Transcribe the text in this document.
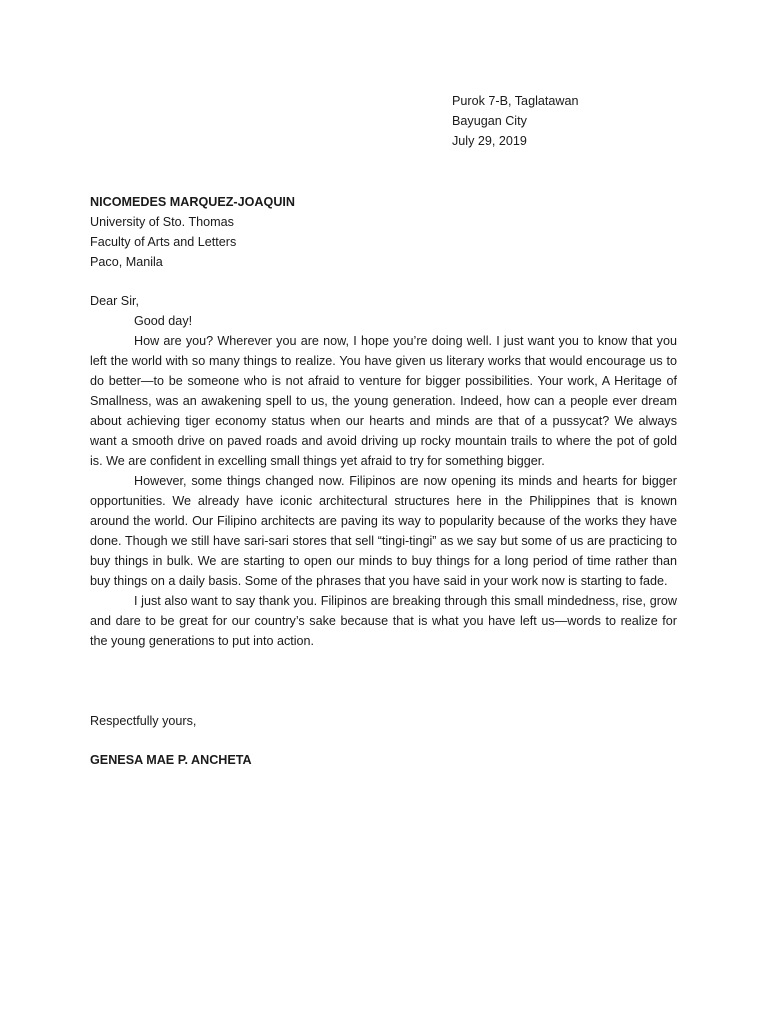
Purok 7-B, Taglatawan
Bayugan City
July 29, 2019
NICOMEDES MARQUEZ-JOAQUIN
University of Sto. Thomas
Faculty of Arts and Letters
Paco, Manila
Dear Sir,

Good day!

How are you? Wherever you are now, I hope you’re doing well. I just want you to know that you left the world with so many things to realize. You have given us literary works that would encourage us to do better—to be someone who is not afraid to venture for bigger possibilities. Your work, A Heritage of Smallness, was an awakening spell to us, the young generation. Indeed, how can a people ever dream about achieving tiger economy status when our hearts and minds are that of a pussycat? We always want a smooth drive on paved roads and avoid driving up rocky mountain trails to where the pot of gold is. We are confident in excelling small things yet afraid to try for something bigger.

However, some things changed now. Filipinos are now opening its minds and hearts for bigger opportunities. We already have iconic architectural structures here in the Philippines that is known around the world. Our Filipino architects are paving its way to popularity because of the works they have done. Though we still have sari-sari stores that sell “tingi-tingi” as we say but some of us are practicing to buy things in bulk. We are starting to open our minds to buy things for a long period of time rather than buy things on a daily basis. Some of the phrases that you have said in your work now is starting to fade.

I just also want to say thank you. Filipinos are breaking through this small mindedness, rise, grow and dare to be great for our country’s sake because that is what you have left us—words to realize for the young generations to put into action.

Respectfully yours,
GENESA MAE P. ANCHETA
